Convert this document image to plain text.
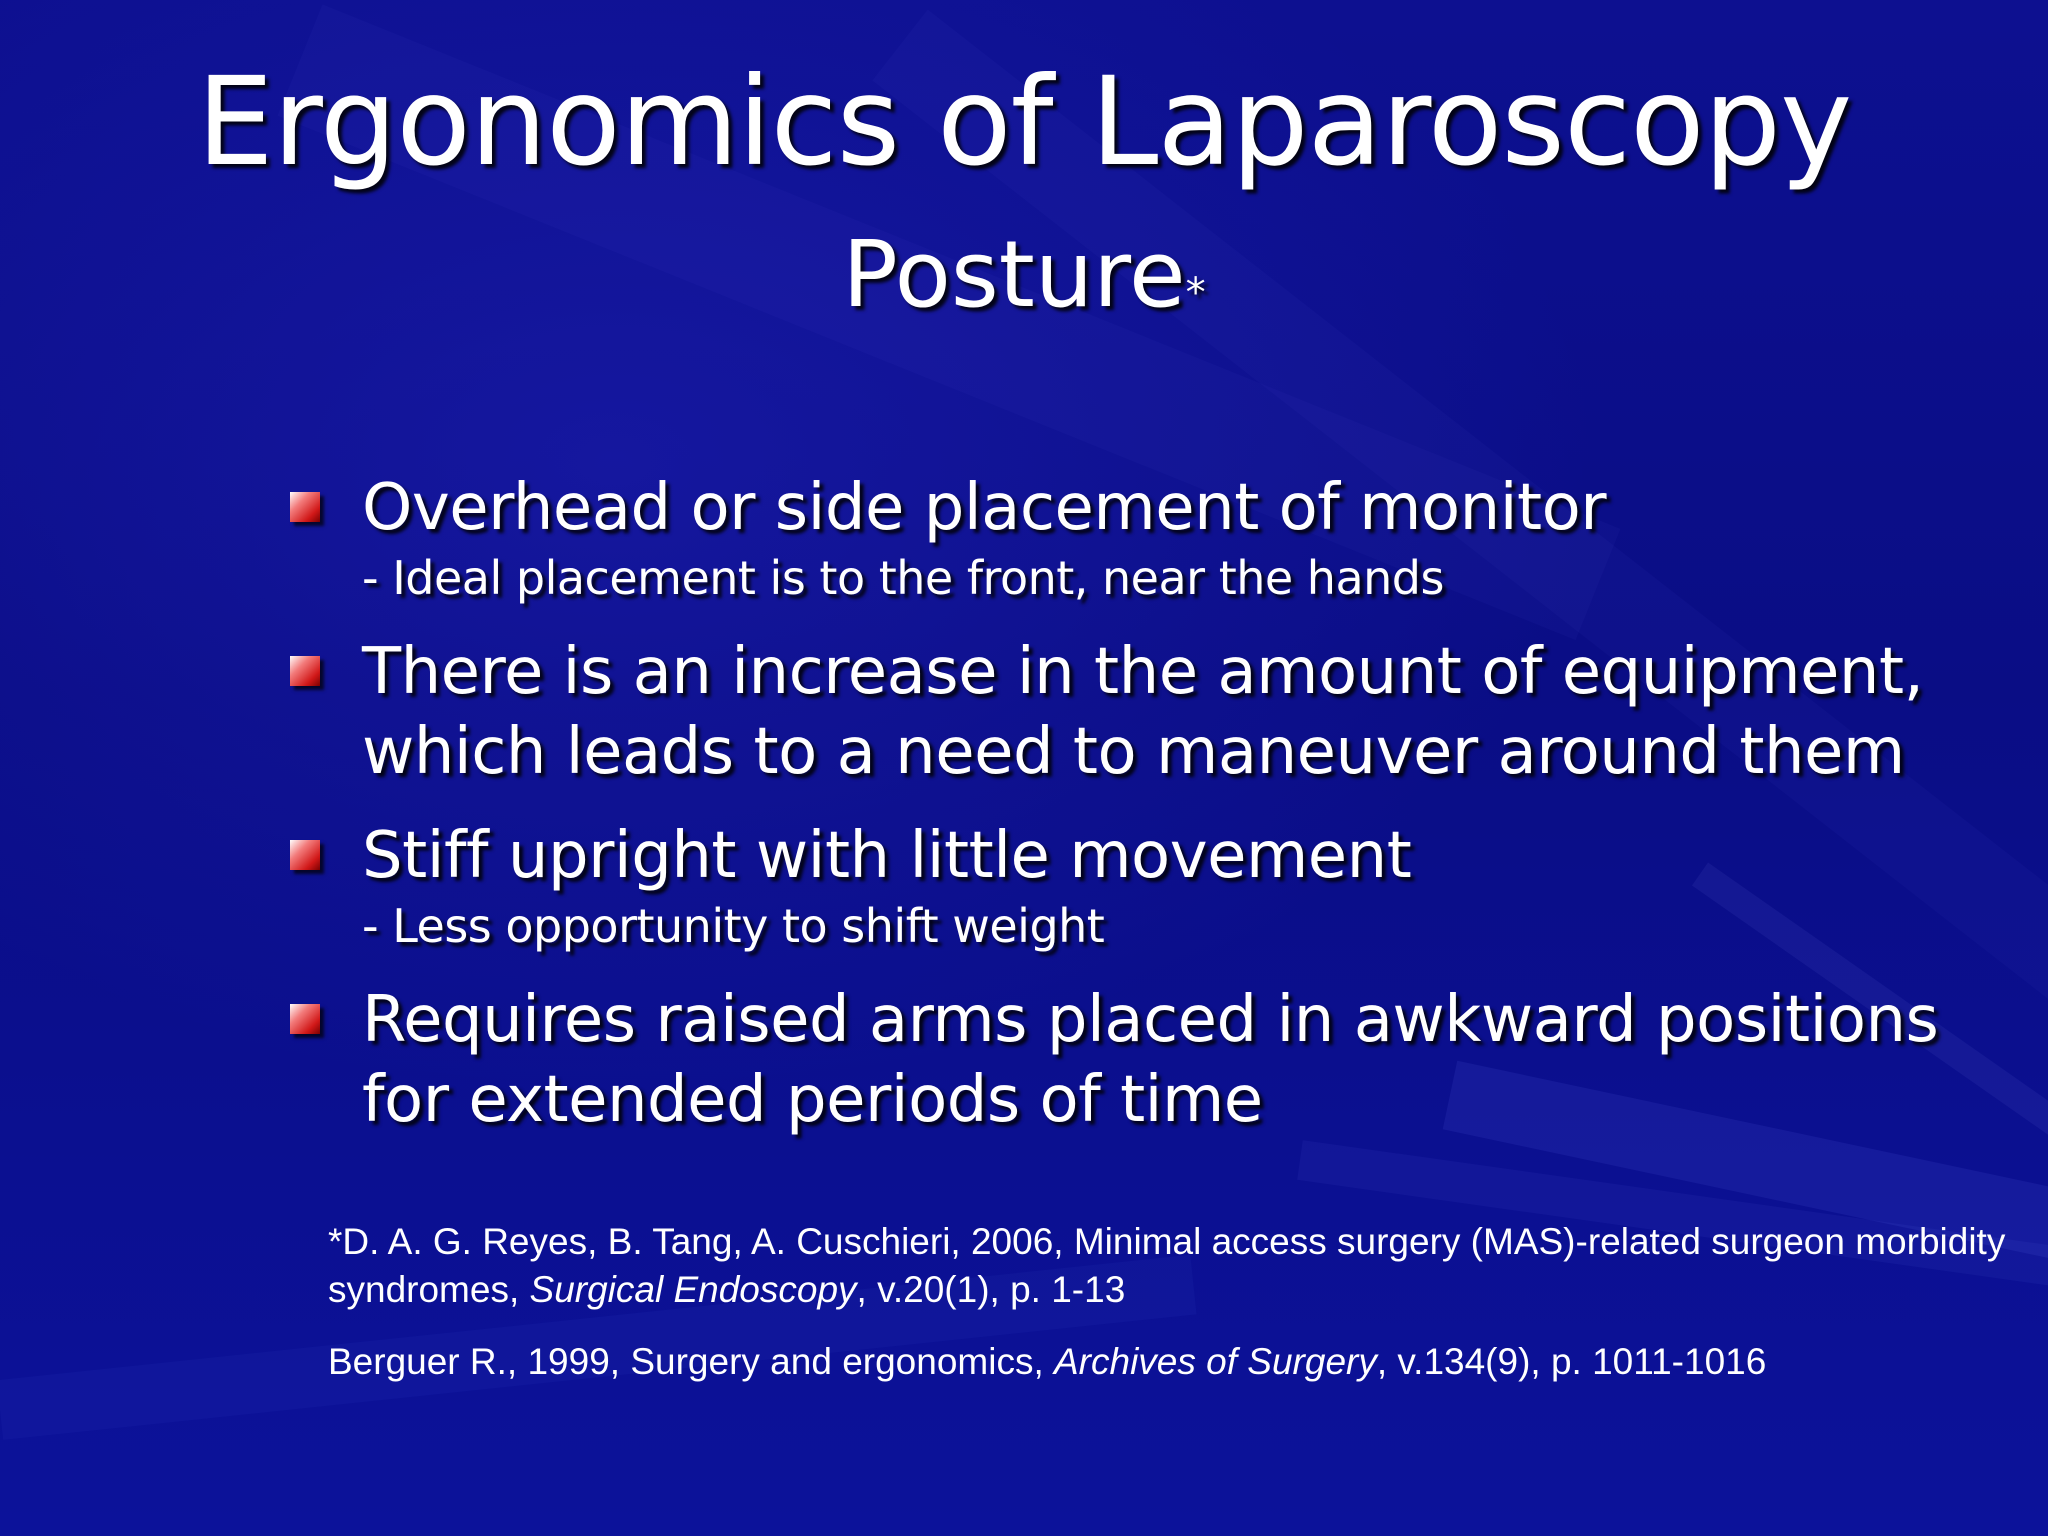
Ergonomics of Laparoscopy
Posture*
Overhead or side placement of monitor
- Ideal placement is to the front, near the hands
There is an increase in the amount of equipment, which leads to a need to maneuver around them
Stiff upright with little movement
- Less opportunity to shift weight
Requires raised arms placed in awkward positions for extended periods of time

*D. A. G. Reyes, B. Tang, A. Cuschieri, 2006, Minimal access surgery (MAS)-related surgeon morbidity syndromes, Surgical Endoscopy, v.20(1), p. 1-13

Berguer R., 1999, Surgery and ergonomics, Archives of Surgery, v.134(9), p. 1011-1016
